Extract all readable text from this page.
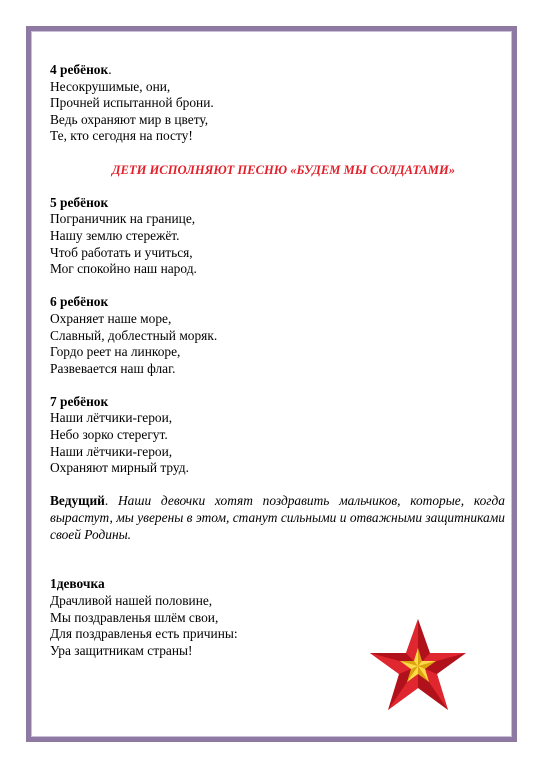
4 ребёнок.
Несокрушимые, они,
Прочней испытанной брони.
Ведь охраняют мир в цвету,
Те, кто сегодня на посту!

ДЕТИ ИСПОЛНЯЮТ ПЕСНЮ «БУДЕМ МЫ СОЛДАТАМИ»

5 ребёнок
Пограничник на границе,
Нашу землю стережёт.
Чтоб работать и учиться,
Мог спокойно наш народ.
6 ребёнок
Охраняет наше море,
Славный, доблестный моряк.
Гордо реет на линкоре,
Развевается наш флаг.
7 ребёнок
Наши лётчики-герои,
Небо зорко стерегут.
Наши лётчики-герои,
Охраняют мирный труд.

Ведущий. Наши девочки хотят поздравить мальчиков, которые, когда вырастут, мы уверены в этом, станут сильными и отважными защитниками своей Родины.

1девочка
Драчливой нашей половине,
Мы поздравленья шлём свои,
Для поздравленья есть причины:
Ура защитникам страны!
